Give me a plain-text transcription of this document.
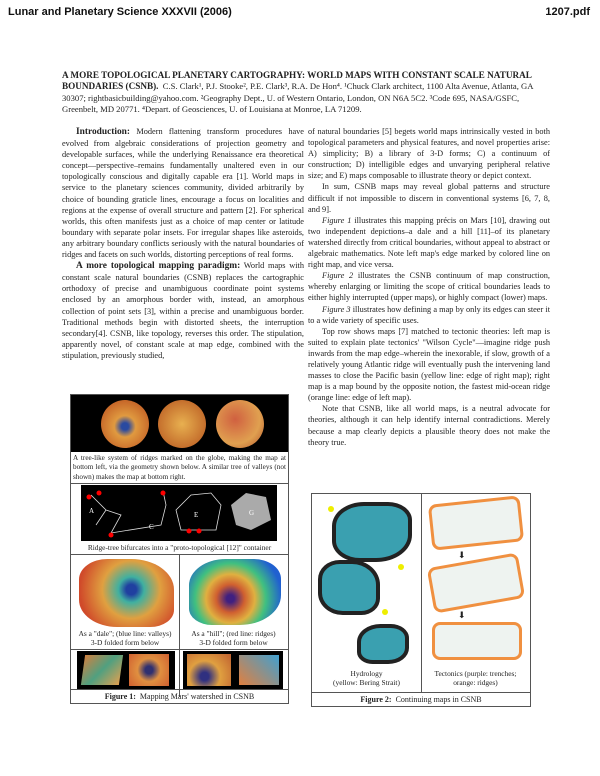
Lunar and Planetary Science XXXVII (2006)	1207.pdf
A MORE TOPOLOGICAL PLANETARY CARTOGRAPHY: WORLD MAPS WITH CONSTANT SCALE NATURAL BOUNDARIES (CSNB). C.S. Clark¹, P.J. Stooke², P.E. Clark³, R.A. De Hon⁴. ¹Chuck Clark architect, 1100 Alta Avenue, Atlanta, GA 30307; rightbasicbuilding@yahoo.com. ²Geography Dept., U. of Western Ontario, London, ON N6A 5C2. ³Code 695, NASA/GSFC, Greenbelt, MD 20771. ⁴Depart. of Geosciences, U. of Louisiana at Monroe, LA 71209.

Introduction: Modern flattening transform procedures have evolved from algebraic considerations of projection geometry and developable surfaces, while the underlying Renaissance era theoretical concept—perspective–remains fundamentally unaltered even in our topologically conscious and digitally capable era [1]. World maps in service to the planetary sciences community, divided arbitrarily by choice of bounding graticle lines, encourage a focus on localities and regions at the expense of overall structure and pattern [2]. For spherical worlds, this often manifests just as a choice of map center or latitude boundary with separate polar insets. For irregular shapes like asteroids, any arbitrary boundary conflicts seriously with the natural boundaries of ridges and facets on such worlds, distorting perceptions of real forms.

A more topological mapping paradigm: World maps with constant scale natural boundaries (CSNB) replaces the cartographic orthodoxy of precise and unambiguous coordinate point systems enclosed by an amorphous border with, instead, an amorphous collection of point sets [3], within a precise and unambiguous border. Traditional methods begin with distorted sheets, the interruption secondary[4]. CSNB, like topology, reverses this order. The stipulation, apparently novel, of constant scale at map edge, combined with the stipulation, previously studied,

of natural boundaries [5] begets world maps intrinsically vested in both topological parameters and physical features, and novel properties arise: A) simplicity; B) a library of 3-D forms; C) a continuum of construction; D) intelligible edges and unvarying peripheral relative size; and E) maps composable to illustrate theory or depict context.

In sum, CSNB maps may reveal global patterns and structure difficult if not impossible to discern in conventional systems [6, 7, 8, and 9].

Figure 1 illustrates this mapping précis on Mars [10], drawing out two independent depictions–a dale and a hill [11]–of its planetary watershed directly from critical boundaries, without appeal to abstract or algebraic mathematics. Note left map's edge marked by colored line on right map, and vice versa.

Figure 2 illustrates the CSNB continuum of map construction, whereby enlarging or limiting the scope of critical boundaries leads to either highly interrupted (upper maps), or highly compact (lower) maps.

Figure 3 illustrates how defining a map by only its edges can steer it to a wide variety of specific uses.

Top row shows maps [7] matched to tectonic theories: left map is suited to explain plate tectonics' "Wilson Cycle"—imagine ridge push inwards from the map edge–wherein the inexorable, if slow, growth of a relatively young Atlantic ridge will eventually push the intervening land masses to close the Pacific basin (yellow line: edge of right map); right map is a map bound by the opposite notion, the fastest mid-ocean ridge (orange line: edge of left map).

Note that CSNB, like all world maps, is a neutral advocate for theories, although it can help identify internal contradictions. Merely because a map clearly depicts a plausible theory does not make the theory true.

A tree-like system of ridges marked on the globe, making the map at bottom left, via the geometry shown below. A similar tree of valleys (not shown) makes the map at bottom right.
A
C
E	G
Ridge-tree bifurcates into a "proto-topological [12]" container
As a "dale"; (blue line: valleys)
3-D folded form below
As a "hill"; (red line: ridges)
3-D folded form below
Figure 1: Mapping Mars' watershed in CSNB
⬇
⬇
Hydrology
(yellow: Bering Strait)
Tectonics (purple: trenches;
orange: ridges)
Figure 2: Continuing maps in CSNB
